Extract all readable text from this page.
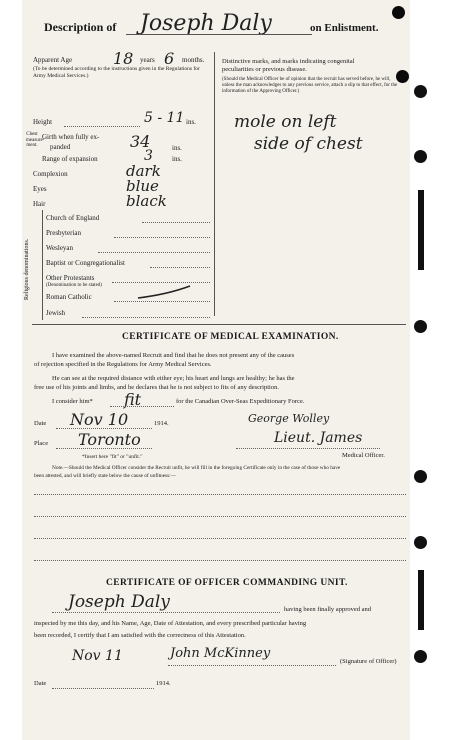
Description of Joseph Daly	on Enlistment.
Apparent Age	18 years 6 months.
(To be determined according to the instructions given in the Regulations for Army Medical Services.)
Distinctive marks, and marks indicating congenital
peculiarities or previous disease.
(Should the Medical Officer be of opinion that the recruit has served before, he will, unless the man acknowledges to any previous service, attach a slip to that effect, for the information of the Approving Officer.)
mole on left
side of chest
Height	5 - 11 ins.
Chest measure-ment.
Girth when fully ex-
panded	34	ins.
Range of expansion	3	ins.
Complexion	dark
Eyes	blue
Hair	black
Religious denominations.
Church of England
Presbyterian
Wesleyan
Baptist or Congregationalist
Other Protestants
(Denomination to be stated)
Roman Catholic
Jewish
CERTIFICATE OF MEDICAL EXAMINATION.
I have examined the above-named Recruit and find that he does not present any of the causes
of rejection specified in the Regulations for Army Medical Services.
He can see at the required distance with either eye; his heart and lungs are healthy; he has the
free use of his joints and limbs, and he declares that he is not subject to fits of any description.
I consider him* fit	for the Canadian Over-Seas Expeditionary Force.
Date Nov 10	1914.	George Wolley
Place Toronto	Lieut. James
Medical Officer.
*Insert here "fit" or "unfit."
Note.—Should the Medical Officer consider the Recruit unfit, he will fill in the foregoing Certificate only in the case of those who have
been attested, and will briefly state below the cause of unfitness:—
CERTIFICATE OF OFFICER COMMANDING UNIT.
Joseph Daly	having been finally approved and
inspected by me this day, and his Name, Age, Date of Attestation, and every prescribed particular having
been recorded, I certify that I am satisfied with the correctness of this Attestation.
Nov 11	John McKinney
(Signature of Officer)
Date	1914.
